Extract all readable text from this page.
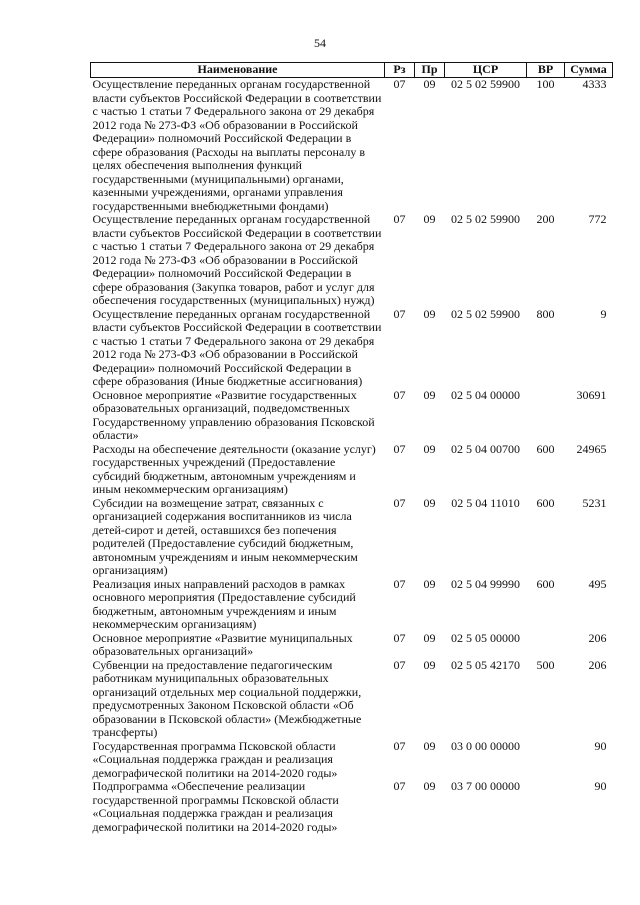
54
Наименование	Рз	Пр	ЦСР	ВР	Сумма
Осуществление переданных органам государственной власти субъектов Российской Федерации в соответствии с частью 1 статьи 7 Федерального закона от 29 декабря 2012 года № 273-ФЗ «Об образовании в Российской Федерации» полномочий Российской Федерации в сфере образования (Расходы на выплаты персоналу в целях обеспечения выполнения функций государственными (муниципальными) органами, казенными учреждениями, органами управления государственными внебюджетными фондами)	07	09	02 5 02 59900	100	4333
Осуществление переданных органам государственной власти субъектов Российской Федерации в соответствии с частью 1 статьи 7 Федерального закона от 29 декабря 2012 года № 273-ФЗ «Об образовании в Российской Федерации» полномочий Российской Федерации в сфере образования (Закупка товаров, работ и услуг для обеспечения государственных (муниципальных) нужд)	07	09	02 5 02 59900	200	772
Осуществление переданных органам государственной власти субъектов Российской Федерации в соответствии с частью 1 статьи 7 Федерального закона от 29 декабря 2012 года № 273-ФЗ «Об образовании в Российской Федерации» полномочий Российской Федерации в сфере образования (Иные бюджетные ассигнования)	07	09	02 5 02 59900	800	9
Основное мероприятие «Развитие государственных образовательных организаций, подведомственных Государственному управлению образования Псковской области»	07	09	02 5 04 00000		30691
Расходы на обеспечение деятельности (оказание услуг) государственных учреждений (Предоставление субсидий бюджетным, автономным учреждениям и иным некоммерческим организациям)	07	09	02 5 04 00700	600	24965
Субсидии на возмещение затрат, связанных с организацией содержания воспитанников из числа детей-сирот и детей, оставшихся без попечения родителей (Предоставление субсидий бюджетным, автономным учреждениям и иным некоммерческим организациям)	07	09	02 5 04 11010	600	5231
Реализация иных направлений расходов в рамках основного мероприятия (Предоставление субсидий бюджетным, автономным учреждениям и иным некоммерческим организациям)	07	09	02 5 04 99990	600	495
Основное мероприятие «Развитие муниципальных образовательных организаций»	07	09	02 5 05 00000		206
Субвенции на предоставление педагогическим работникам муниципальных образовательных организаций отдельных мер социальной поддержки, предусмотренных Законом Псковской области «Об образовании в Псковской области» (Межбюджетные трансферты)	07	09	02 5 05 42170	500	206
Государственная программа Псковской области «Социальная поддержка граждан и реализация демографической политики на 2014-2020 годы»	07	09	03 0 00 00000		90
Подпрограмма «Обеспечение реализации государственной программы Псковской области «Социальная поддержка граждан и реализация демографической политики на 2014-2020 годы»	07	09	03 7 00 00000		90
